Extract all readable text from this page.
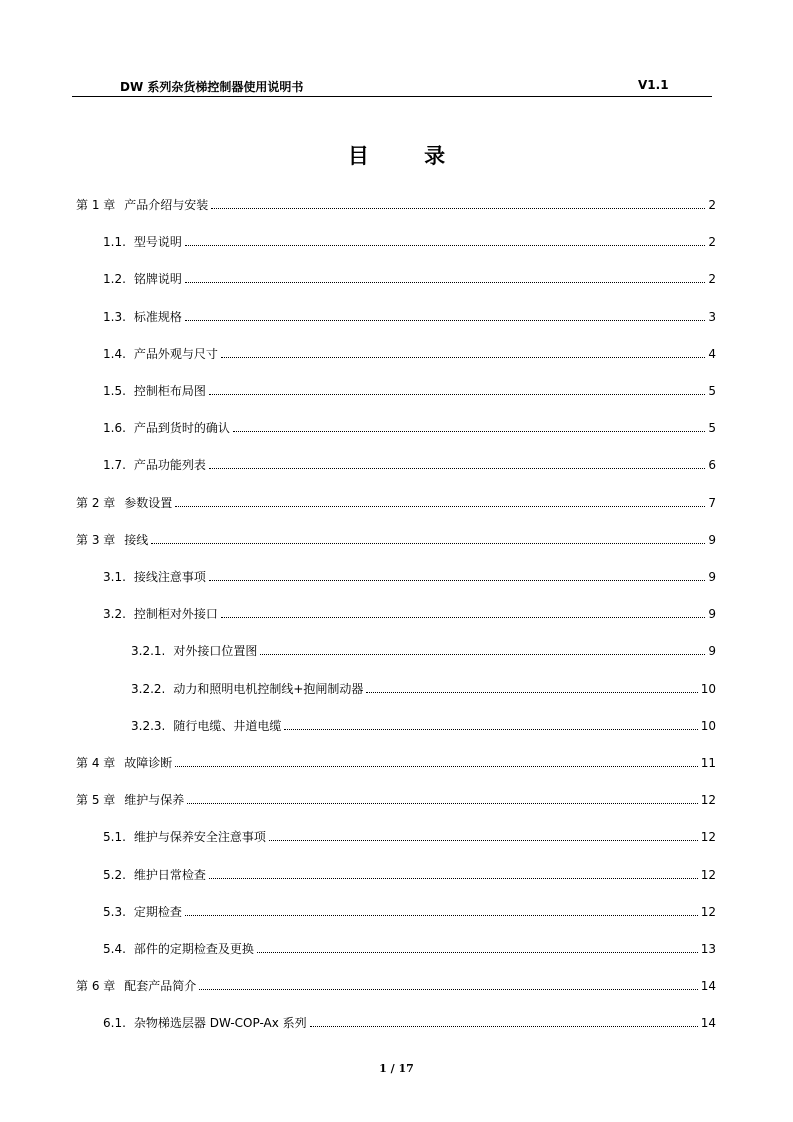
DW 系列杂货梯控制器使用说明书	V1.1
目 录
第 1 章 产品介绍与安装	2
1.1. 型号说明	2
1.2. 铭牌说明	2
1.3. 标准规格	3
1.4. 产品外观与尺寸	4
1.5. 控制柜布局图	5
1.6. 产品到货时的确认	5
1.7. 产品功能列表	6
第 2 章 参数设置	7
第 3 章 接线	9
3.1. 接线注意事项	9
3.2. 控制柜对外接口	9
3.2.1. 对外接口位置图	9
3.2.2. 动力和照明电机控制线+抱闸制动器	10
3.2.3. 随行电缆、井道电缆	10
第 4 章 故障诊断	11
第 5 章 维护与保养	12
5.1. 维护与保养安全注意事项	12
5.2. 维护日常检查	12
5.3. 定期检查	12
5.4. 部件的定期检查及更换	13
第 6 章 配套产品简介	14
6.1. 杂物梯选层器 DW-COP-Ax 系列	14
1 / 17
